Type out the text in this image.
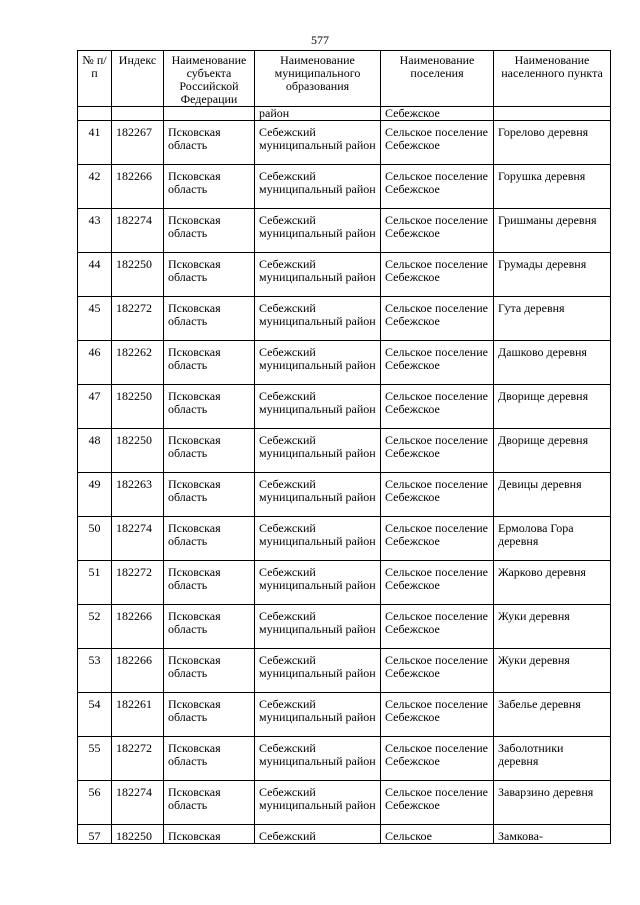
577
№ п/п	Индекс	Наименование субъекта Российской Федерации	Наименование муниципального образования	Наименование поселения	Наименование населенного пункта
			район	Себежское	
41	182267	Псковская область	Себежский муниципальный район	Сельское поселение Себежское	Горелово деревня
42	182266	Псковская область	Себежский муниципальный район	Сельское поселение Себежское	Горушка деревня
43	182274	Псковская область	Себежский муниципальный район	Сельское поселение Себежское	Гришманы деревня
44	182250	Псковская область	Себежский муниципальный район	Сельское поселение Себежское	Грумады деревня
45	182272	Псковская область	Себежский муниципальный район	Сельское поселение Себежское	Гута деревня
46	182262	Псковская область	Себежский муниципальный район	Сельское поселение Себежское	Дашково деревня
47	182250	Псковская область	Себежский муниципальный район	Сельское поселение Себежское	Дворище деревня
48	182250	Псковская область	Себежский муниципальный район	Сельское поселение Себежское	Дворище деревня
49	182263	Псковская область	Себежский муниципальный район	Сельское поселение Себежское	Девицы деревня
50	182274	Псковская область	Себежский муниципальный район	Сельское поселение Себежское	Ермолова Гора деревня
51	182272	Псковская область	Себежский муниципальный район	Сельское поселение Себежское	Жарково деревня
52	182266	Псковская область	Себежский муниципальный район	Сельское поселение Себежское	Жуки деревня
53	182266	Псковская область	Себежский муниципальный район	Сельское поселение Себежское	Жуки деревня
54	182261	Псковская область	Себежский муниципальный район	Сельское поселение Себежское	Забелье деревня
55	182272	Псковская область	Себежский муниципальный район	Сельское поселение Себежское	Заболотники деревня
56	182274	Псковская область	Себежский муниципальный район	Сельское поселение Себежское	Заварзино деревня
57	182250	Псковская	Себежский	Сельское	Замкова-
